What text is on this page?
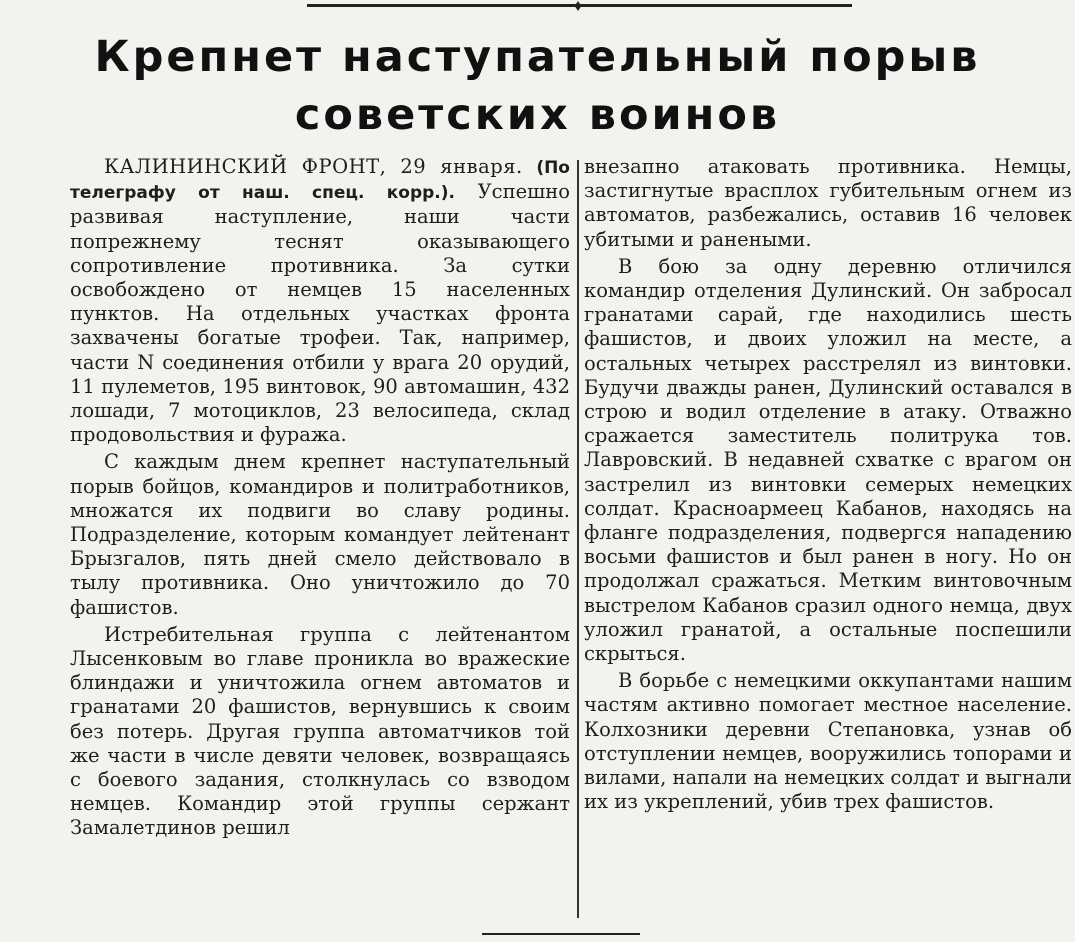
Крепнет наступательный порыв
советских воинов

КАЛИНИНСКИЙ ФРОНТ, 29 января. (По телеграфу от наш. спец. корр.). Успешно развивая наступление, наши части попрежнему теснят оказывающего сопротивление противника. За сутки освобождено от немцев 15 населенных пунктов. На отдельных участках фронта захвачены богатые трофеи. Так, например, части N соединения отбили у врага 20 орудий, 11 пулеметов, 195 винтовок, 90 автомашин, 432 лошади, 7 мотоциклов, 23 велосипеда, склад продовольствия и фуража.

С каждым днем крепнет наступательный порыв бойцов, командиров и политработников, множатся их подвиги во славу родины. Подразделение, которым командует лейтенант Брызгалов, пять дней смело действовало в тылу противника. Оно уничтожило до 70 фашистов.

Истребительная группа с лейтенантом Лысенковым во главе проникла во вражеские блиндажи и уничтожила огнем автоматов и гранатами 20 фашистов, вернувшись к своим без потерь. Другая группа автоматчиков той же части в числе девяти человек, возвращаясь с боевого задания, столкнулась со взводом немцев. Командир этой группы сержант Замалетдинов решил

внезапно атаковать противника. Немцы, застигнутые врасплох губительным огнем из автоматов, разбежались, оставив 16 человек убитыми и ранеными.

В бою за одну деревню отличился командир отделения Дулинский. Он забросал гранатами сарай, где находились шесть фашистов, и двоих уложил на месте, а остальных четырех расстрелял из винтовки. Будучи дважды ранен, Дулинский оставался в строю и водил отделение в атаку. Отважно сражается заместитель политрука тов. Лавровский. В недавней схватке с врагом он застрелил из винтовки семерых немецких солдат. Красноармеец Кабанов, находясь на фланге подразделения, подвергся нападению восьми фашистов и был ранен в ногу. Но он продолжал сражаться. Метким винтовочным выстрелом Кабанов сразил одного немца, двух уложил гранатой, а остальные поспешили скрыться.

В борьбе с немецкими оккупантами нашим частям активно помогает местное население. Колхозники деревни Степановка, узнав об отступлении немцев, вооружились топорами и вилами, напали на немецких солдат и выгнали их из укреплений, убив трех фашистов.
